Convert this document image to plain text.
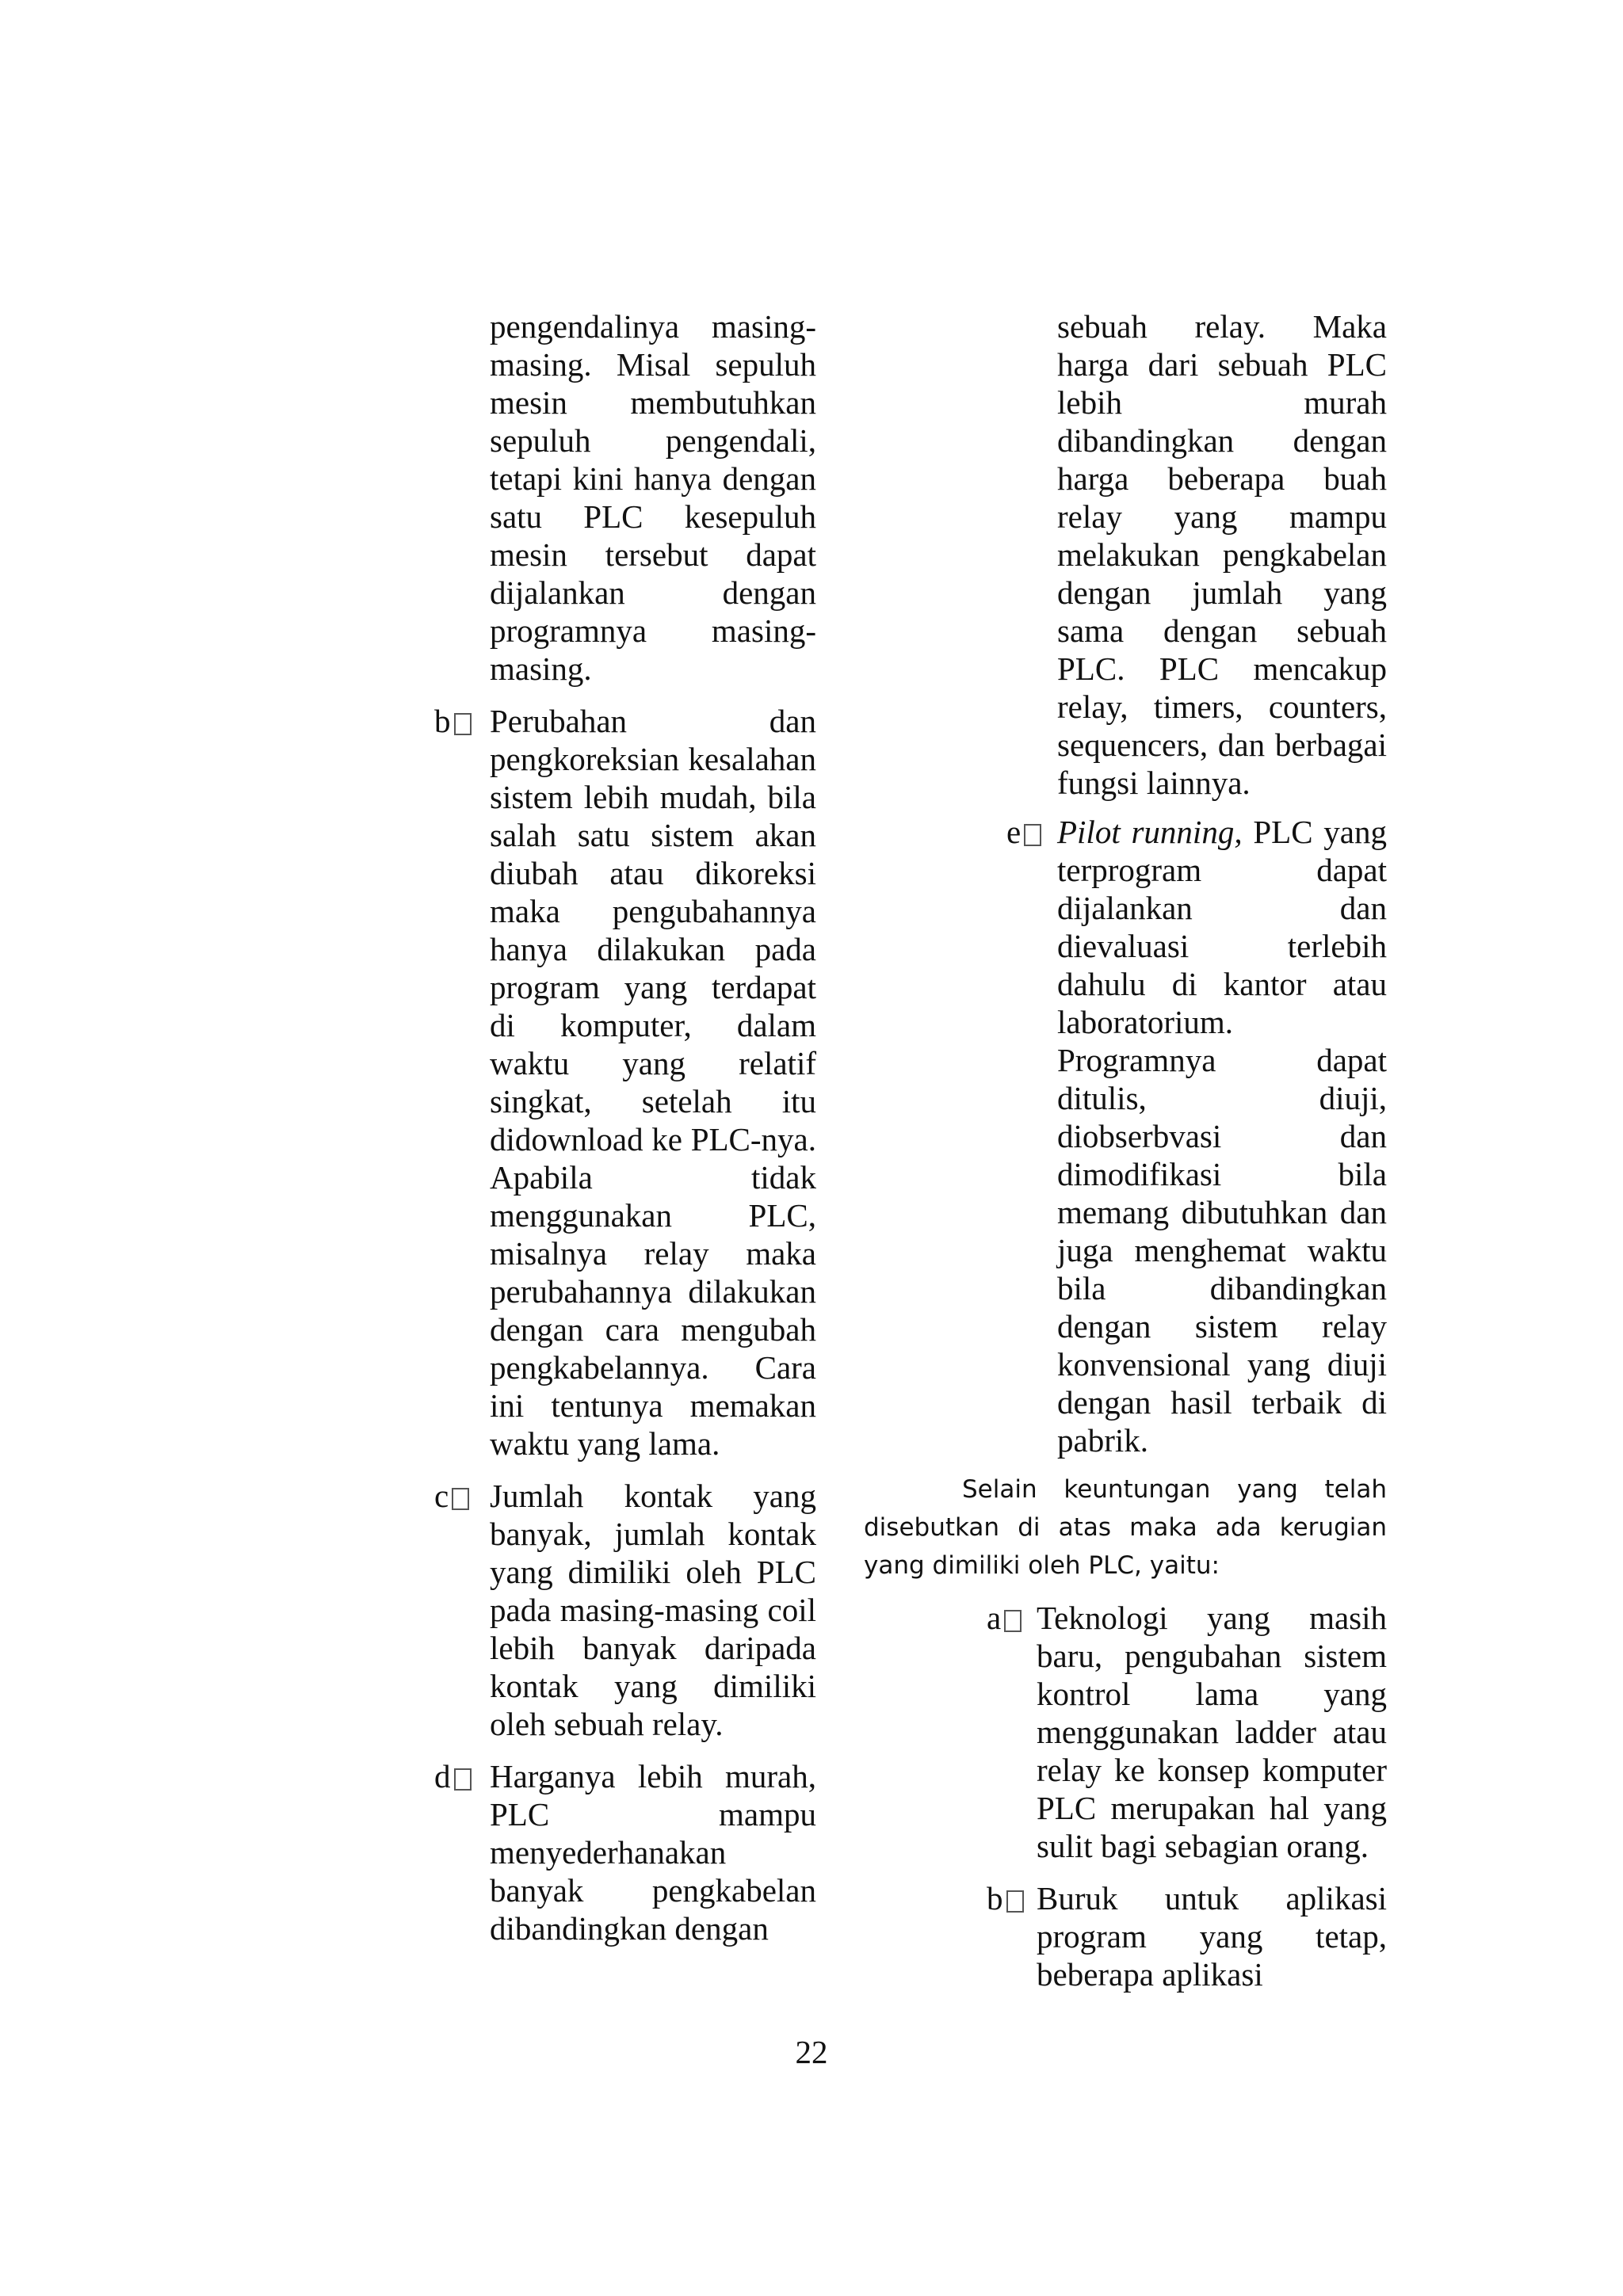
pengendalinya masing-masing. Misal sepuluh mesin membutuhkan sepuluh pengendali, tetapi kini hanya dengan satu PLC kesepuluh mesin tersebut dapat dijalankan dengan programnya masing-masing.

b	Perubahan dan pengkoreksian kesalahan sistem lebih mudah, bila salah satu sistem akan diubah atau dikoreksi maka pengubahannya hanya dilakukan pada program yang terdapat di komputer, dalam waktu yang relatif singkat, setelah itu didownload ke PLC-nya. Apabila tidak menggunakan PLC, misalnya relay maka perubahannya dilakukan dengan cara mengubah pengkabelannya. Cara ini tentunya memakan waktu yang lama.
c	Jumlah kontak yang banyak, jumlah kontak yang dimiliki oleh PLC pada masing-masing coil lebih banyak daripada kontak yang dimiliki oleh sebuah relay.
d	Harganya lebih murah, PLC mampu menyederhanakan banyak pengkabelan dibandingkan dengan

sebuah relay. Maka harga dari sebuah PLC lebih murah dibandingkan dengan harga beberapa buah relay yang mampu melakukan pengkabelan dengan jumlah yang sama dengan sebuah PLC. PLC mencakup relay, timers, counters, sequencers, dan berbagai fungsi lainnya.

e	Pilot running, PLC yang terprogram dapat dijalankan dan dievaluasi terlebih dahulu di kantor atau laboratorium. Programnya dapat ditulis, diuji, diobserbvasi dan dimodifikasi bila memang dibutuhkan dan juga menghemat waktu bila dibandingkan dengan sistem relay konvensional yang diuji dengan hasil terbaik di pabrik.

Selain keuntungan yang telah disebutkan di atas maka ada kerugian yang dimiliki oleh PLC, yaitu:

a	Teknologi yang masih baru, pengubahan sistem kontrol lama yang menggunakan ladder atau relay ke konsep komputer PLC merupakan hal yang sulit bagi sebagian orang.
b	Buruk untuk aplikasi program yang tetap, beberapa aplikasi
22
